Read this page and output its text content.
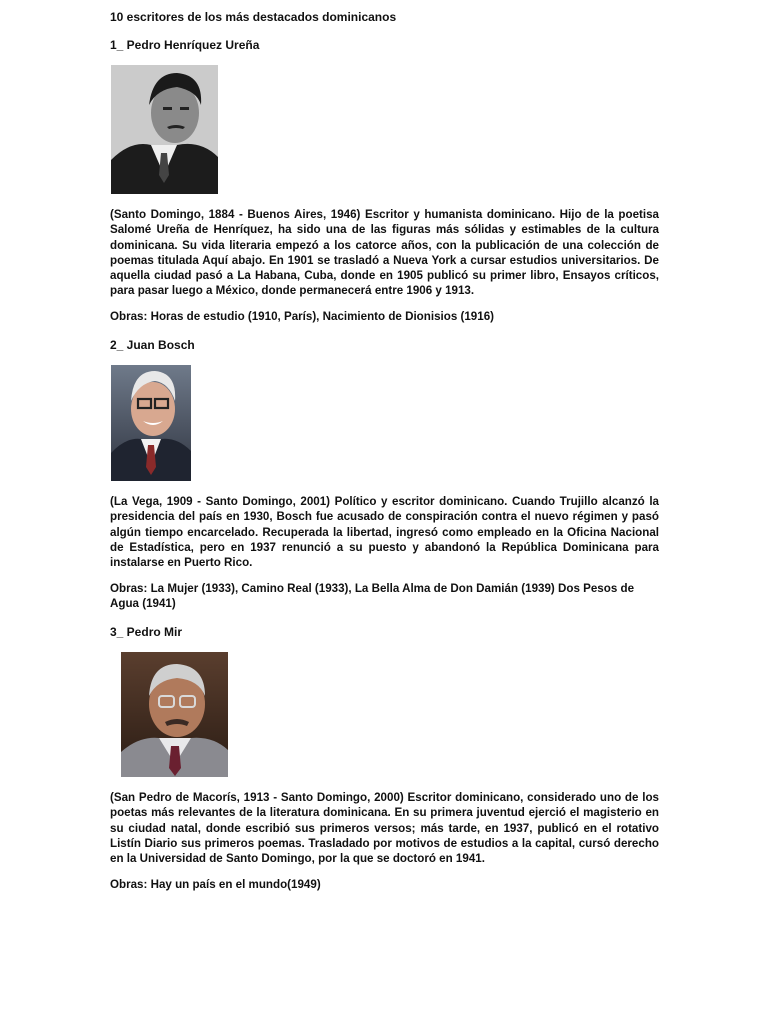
10 escritores de los más destacados dominicanos
1_ Pedro Henríquez Ureña
(Santo Domingo, 1884 - Buenos Aires, 1946) Escritor y humanista dominicano. Hijo de la poetisa Salomé Ureña de Henríquez, ha sido una de las figuras más sólidas y estimables de la cultura dominicana. Su vida literaria empezó a los catorce años, con la publicación de una colección de poemas titulada Aquí abajo. En 1901 se trasladó a Nueva York a cursar estudios universitarios. De aquella ciudad pasó a La Habana, Cuba, donde en 1905 publicó su primer libro, Ensayos críticos, para pasar luego a México, donde permanecerá entre 1906 y 1913.
Obras: Horas de estudio (1910, París), Nacimiento de Dionisios (1916)
2_ Juan Bosch
(La Vega, 1909 - Santo Domingo, 2001) Político y escritor dominicano. Cuando Trujillo alcanzó la presidencia del país en 1930, Bosch fue acusado de conspiración contra el nuevo régimen y pasó algún tiempo encarcelado. Recuperada la libertad, ingresó como empleado en la Oficina Nacional de Estadística, pero en 1937 renunció a su puesto y abandonó la República Dominicana para instalarse en Puerto Rico.
Obras: La Mujer (1933), Camino Real (1933), La Bella Alma de Don Damián (1939) Dos Pesos de Agua (1941)
3_ Pedro Mir
(San Pedro de Macorís, 1913 - Santo Domingo, 2000) Escritor dominicano, considerado uno de los poetas más relevantes de la literatura dominicana. En su primera juventud ejerció el magisterio en su ciudad natal, donde escribió sus primeros versos; más tarde, en 1937, publicó en el rotativo Listín Diario sus primeros poemas. Trasladado por motivos de estudios a la capital, cursó derecho en la Universidad de Santo Domingo, por la que se doctoró en 1941.
Obras: Hay un país en el mundo(1949)
